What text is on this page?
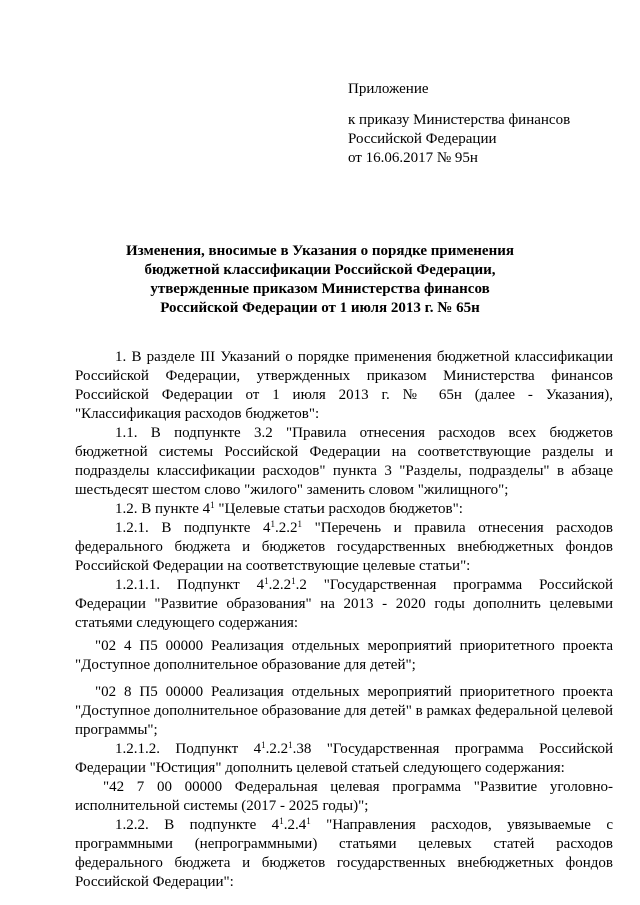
Приложение
к приказу Министерства финансов
Российской Федерации
от 16.06.2017 № 95н
Изменения, вносимые в Указания о порядке применения
бюджетной классификации Российской Федерации,
утвержденные приказом Министерства финансов
Российской Федерации от 1 июля 2013 г. № 65н

1. В разделе III Указаний о порядке применения бюджетной классификации Российской Федерации, утвержденных приказом Министерства финансов Российской Федерации от 1 июля 2013 г. № 65н (далее - Указания), "Классификация расходов бюджетов":

1.1. В подпункте 3.2 "Правила отнесения расходов всех бюджетов бюджетной системы Российской Федерации на соответствующие разделы и подразделы классификации расходов" пункта 3 "Разделы, подразделы" в абзаце шестьдесят шестом слово "жилого" заменить словом "жилищного";

1.2. В пункте $4^1$ "Целевые статьи расходов бюджетов":

1.2.1. В подпункте $4^1.2.2^1$ "Перечень и правила отнесения расходов федерального бюджета и бюджетов государственных внебюджетных фондов Российской Федерации на соответствующие целевые статьи":

1.2.1.1. Подпункт $4^1.2.2^1.2$ "Государственная программа Российской Федерации "Развитие образования" на 2013 - 2020 годы дополнить целевыми статьями следующего содержания:

"02 4 П5 00000 Реализация отдельных мероприятий приоритетного проекта "Доступное дополнительное образование для детей";

"02 8 П5 00000 Реализация отдельных мероприятий приоритетного проекта "Доступное дополнительное образование для детей" в рамках федеральной целевой программы";

1.2.1.2. Подпункт $4^1.2.2^1.38$ "Государственная программа Российской Федерации "Юстиция" дополнить целевой статьей следующего содержания:

"42 7 00 00000 Федеральная целевая программа "Развитие уголовно-исполнительной системы (2017 - 2025 годы)";

1.2.2. В подпункте $4^1.2.4^1$ "Направления расходов, увязываемые с программными (непрограммными) статьями целевых статей расходов федерального бюджета и бюджетов государственных внебюджетных фондов Российской Федерации":
